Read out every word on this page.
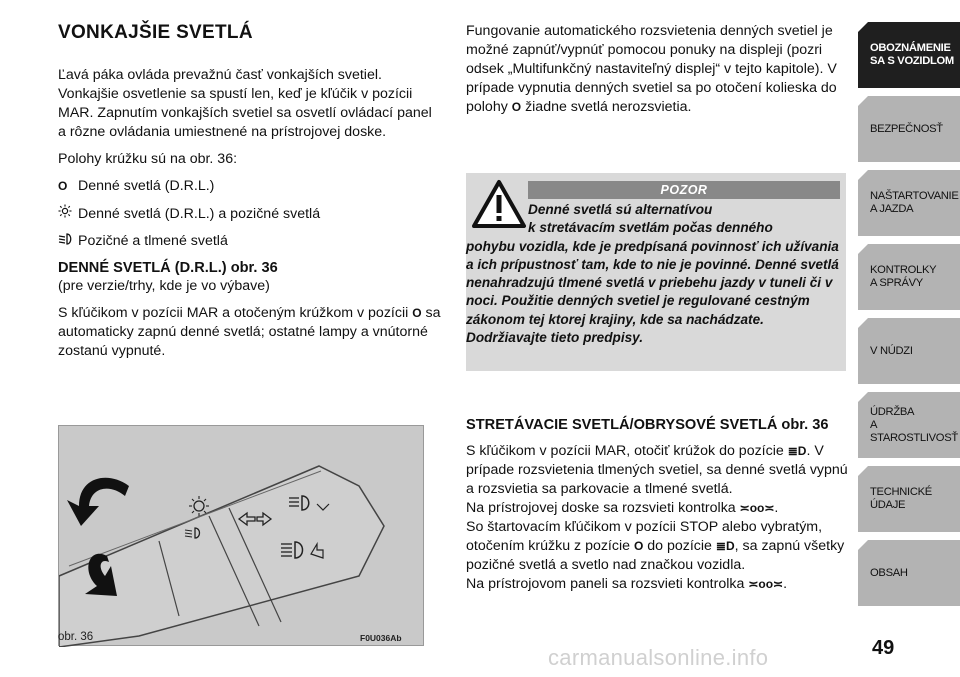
VONKAJŠIE SVETLÁ

Ľavá páka ovláda prevažnú časť vonkajších svetiel. Vonkajšie osvetlenie sa spustí len, keď je kľúčik v pozícii MAR. Zapnutím vonkajších svetiel sa osvetlí ovládací panel a rôzne ovládania umiestnené na prístrojovej doske.

Polohy krúžku sú na obr. 36:

O Denné svetlá (D.R.L.)
Denné svetlá (D.R.L.) a pozičné svetlá
Pozičné a tlmené svetlá
DENNÉ SVETLÁ (D.R.L.) obr. 36

(pre verzie/trhy, kde je vo výbave)

S kľúčikom v pozícii MAR a otočeným krúžkom v pozícii O sa automaticky zapnú denné svetlá; ostatné lampy a vnútorné zostanú vypnuté.

obr. 36	F0U036Ab

Fungovanie automatického rozsvietenia denných svetiel je možné zapnúť/vypnúť pomocou ponuky na displeji (pozri odsek „Multifunkčný nastaviteľný displej“ v tejto kapitole). V prípade vypnutia denných svetiel sa po otočení kolieska do polohy O žiadne svetlá nerozsvietia.

POZOR
Denné svetlá sú alternatívou
k stretávacím svetlám počas denného
pohybu vozidla, kde je predpísaná povinnosť ich užívania a ich prípustnosť tam, kde to nie je povinné. Denné svetlá nenahradzujú tlmené svetlá v priebehu jazdy v tuneli či v noci. Použitie denných svetiel je regulované cestným zákonom tej ktorej krajiny, kde sa nachádzate. Dodržiavajte tieto predpisy.
STRETÁVACIE SVETLÁ/OBRYSOVÉ SVETLÁ obr. 36

S kľúčikom v pozícii MAR, otočiť krúžok do pozície ≣D. V prípade rozsvietenia tlmených svetiel, sa denné svetlá vypnú a rozsvietia sa parkovacie a tlmené svetlá.

Na prístrojovej doske sa rozsvieti kontrolka ≍oo≍.

So štartovacím kľúčikom v pozícii STOP alebo vybratým, otočením krúžku z pozície O do pozície ≣D, sa zapnú všetky pozičné svetlá a svetlo nad značkou vozidla.

Na prístrojovom paneli sa rozsvieti kontrolka ≍oo≍.

OBOZNÁMENIE
SA S VOZIDLOM
BEZPEČNOSŤ
NAŠTARTOVANIE
A JAZDA
KONTROLKY
A SPRÁVY
V NÚDZI
ÚDRŽBA
A STAROSTLIVOSŤ
TECHNICKÉ
ÚDAJE
OBSAH
49
carmanualsonline.info
